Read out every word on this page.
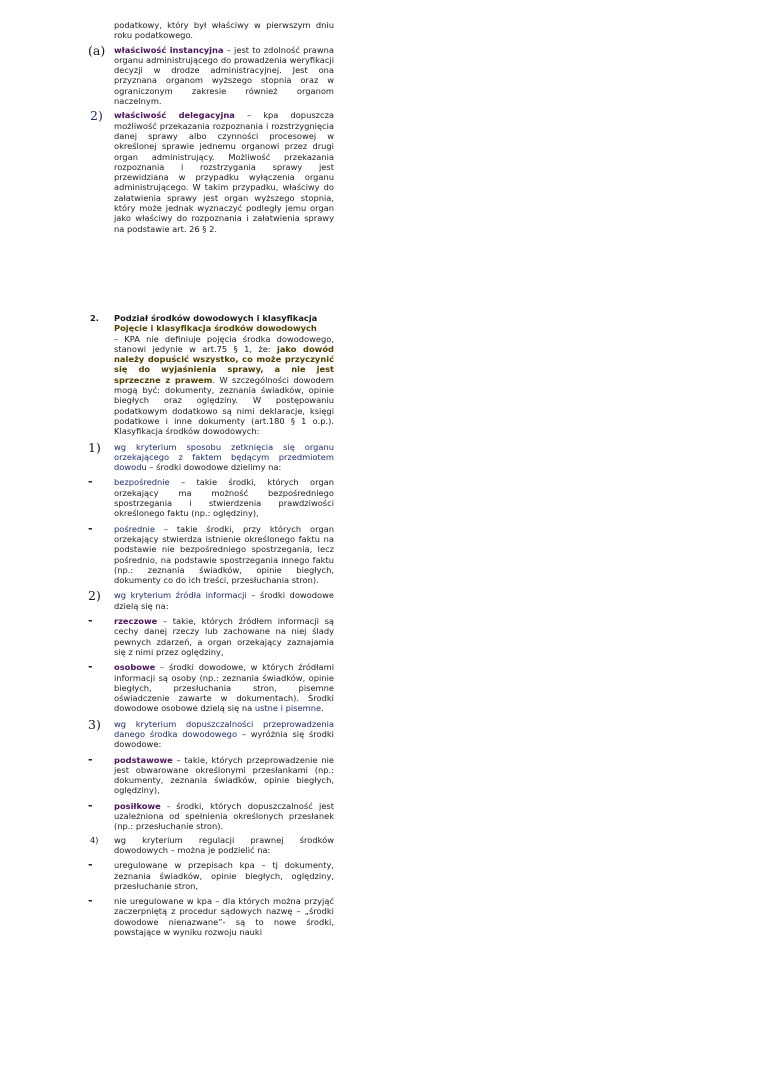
podatkowy, który był właściwy w pierwszym dniu roku podatkowego.

(a) właściwość instancyjna – jest to zdolność prawna organu administrującego do prowadzenia weryfikacji decyzji w drodze administracyjnej. Jest ona przyznana organom wyższego stopnia oraz w ograniczonym zakresie również organom naczelnym.

2) właściwość delegacyjna – kpa dopuszcza możliwość przekazania rozpoznania i rozstrzygnięcia danej sprawy albo czynności procesowej w określonej sprawie jednemu organowi przez drugi organ administrujący. Możliwość przekazania rozpoznania i rozstrzygania sprawy jest przewidziana w przypadku wyłączenia organu administrującego. W takim przypadku, właściwy do załatwienia sprawy jest organ wyższego stopnia, który może jednak wyznaczyć podległy jemu organ jako właściwy do rozpoznania i załatwienia sprawy na podstawie art. 26 § 2.

2. Podział środków dowodowych i klasyfikacja

Pojęcie i klasyfikacja środków dowodowych

– KPA nie definiuje pojęcia środka dowodowego, stanowi jedynie w art.75 § 1, że: jako dowód należy dopuścić wszystko, co może przyczynić się do wyjaśnienia sprawy, a nie jest sprzeczne z prawem. W szczególności dowodem mogą być: dokumenty, zeznania świadków, opinie biegłych oraz oględziny. W postępowaniu podatkowym dodatkowo są nimi deklaracje, księgi podatkowe i inne dokumenty (art.180 § 1 o.p.). Klasyfikacja środków dowodowych:

1) wg kryterium sposobu zetknięcia się organu orzekającego z faktem będącym przedmiotem dowodu – środki dowodowe dzielimy na:

-	bezpośrednie – takie środki, których organ orzekający ma możność bezpośredniego spostrzegania i stwierdzenia prawdziwości określonego faktu (np.: oględziny),

-	pośrednie – takie środki, przy których organ orzekający stwierdza istnienie określonego faktu na podstawie nie bezpośredniego spostrzegania, lecz pośrednio, na podstawie spostrzegania innego faktu (np.: zeznania świadków, opinie biegłych, dokumenty co do ich treści, przesłuchania stron).

2) wg kryterium źródła informacji – środki dowodowe dzielą się na:

-	rzeczowe – takie, których źródłem informacji są cechy danej rzeczy lub zachowane na niej ślady pewnych zdarzeń, a organ orzekający zaznajamia się z nimi przez oględziny,

-	osobowe – środki dowodowe, w których źródłami informacji są osoby (np.: zeznania świadków, opinie biegłych, przesłuchania stron, pisemne oświadczenie zawarte w dokumentach). Środki dowodowe osobowe dzielą się na ustne i pisemne.

3) wg kryterium dopuszczalności przeprowadzenia danego środka dowodowego – wyróżnia się środki dowodowe:

-	podstawowe – takie, których przeprowadzenie nie jest obwarowane określonymi przesłankami (np.: dokumenty, zeznania świadków, opinie biegłych, oględziny),

-	posiłkowe - środki, których dopuszczalność jest uzależniona od spełnienia określonych przesłanek (np.: przesłuchanie stron).

4) wg kryterium regulacji prawnej środków dowodowych – można je podzielić na:

-	uregulowane w przepisach kpa – tj dokumenty, zeznania świadków, opinie biegłych, oględziny, przesłuchanie stron,

-	nie uregulowane w kpa – dla których można przyjąć zaczerpniętą z procedur sądowych nazwę – „środki dowodowe nienazwane”- są to nowe środki, powstające w wyniku rozwoju nauki
